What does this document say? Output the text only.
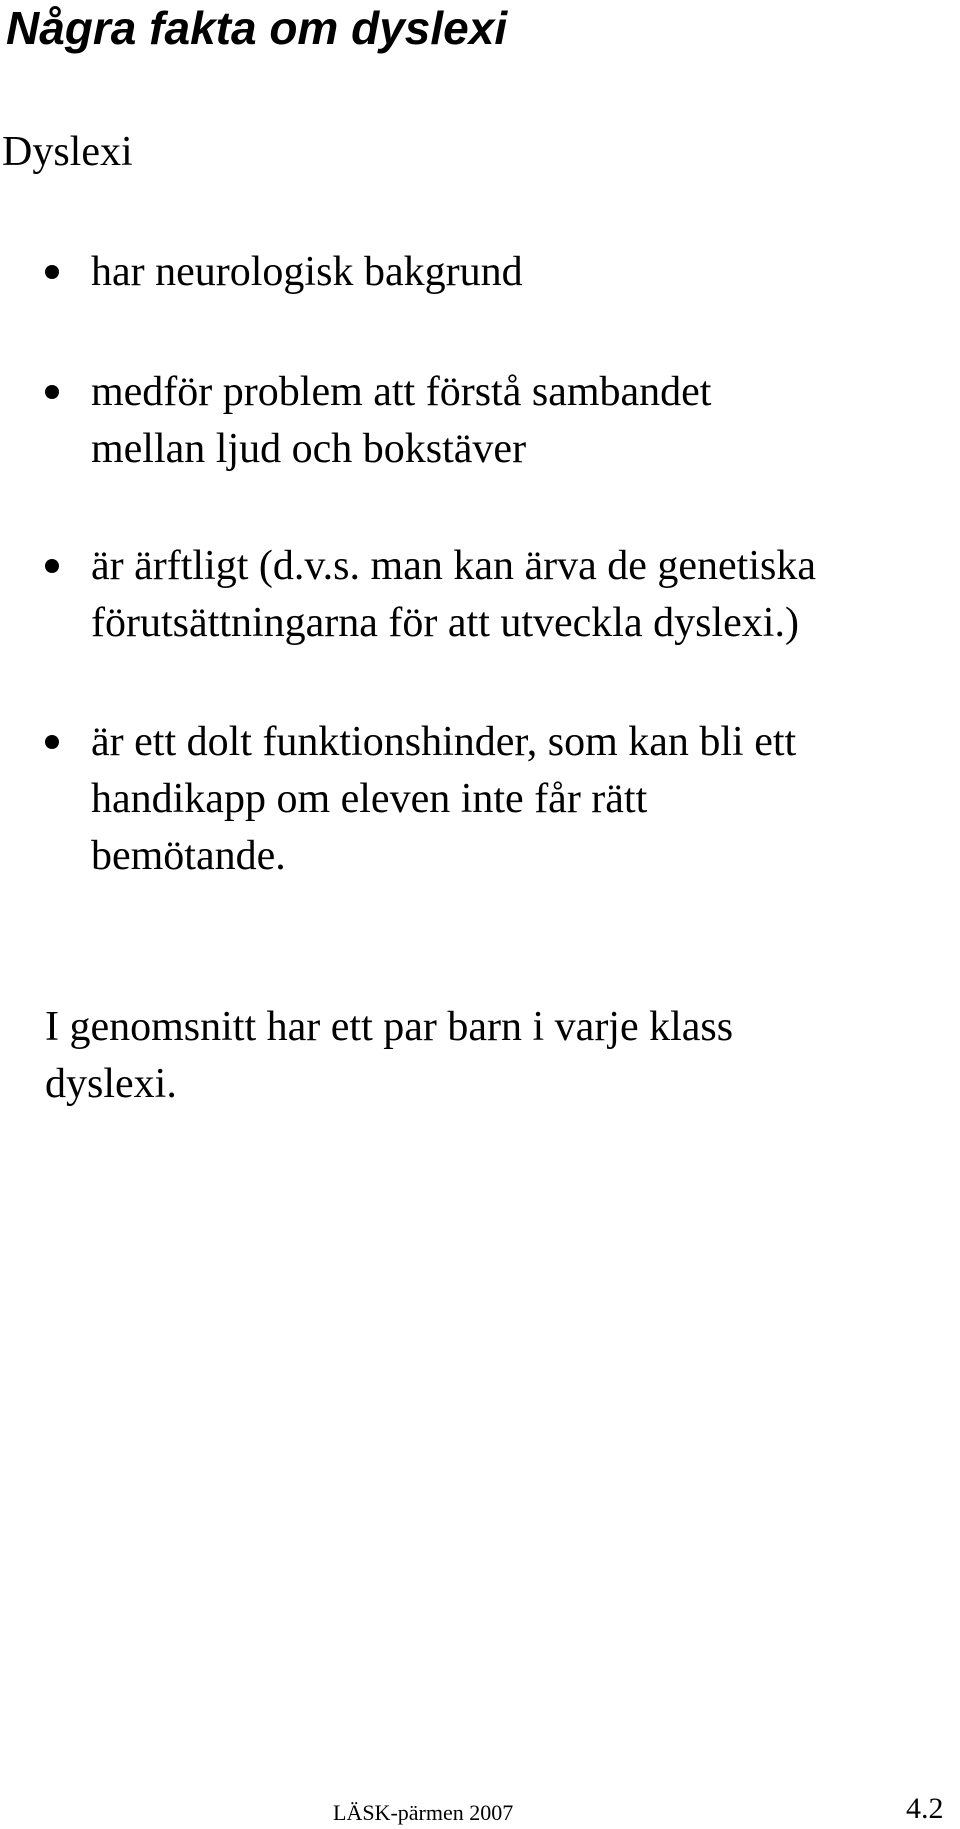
Några fakta om dyslexi
Dyslexi
har neurologisk bakgrund
medför problem att förstå sambandet
mellan ljud och bokstäver
är ärftligt (d.v.s. man kan ärva de genetiska
förutsättningarna för att utveckla dyslexi.)
är ett dolt funktionshinder, som kan bli ett
handikapp om eleven inte får rätt
bemötande.
I genomsnitt har ett par barn i varje klass
dyslexi.
LÄSK-pärmen 2007	4.2
